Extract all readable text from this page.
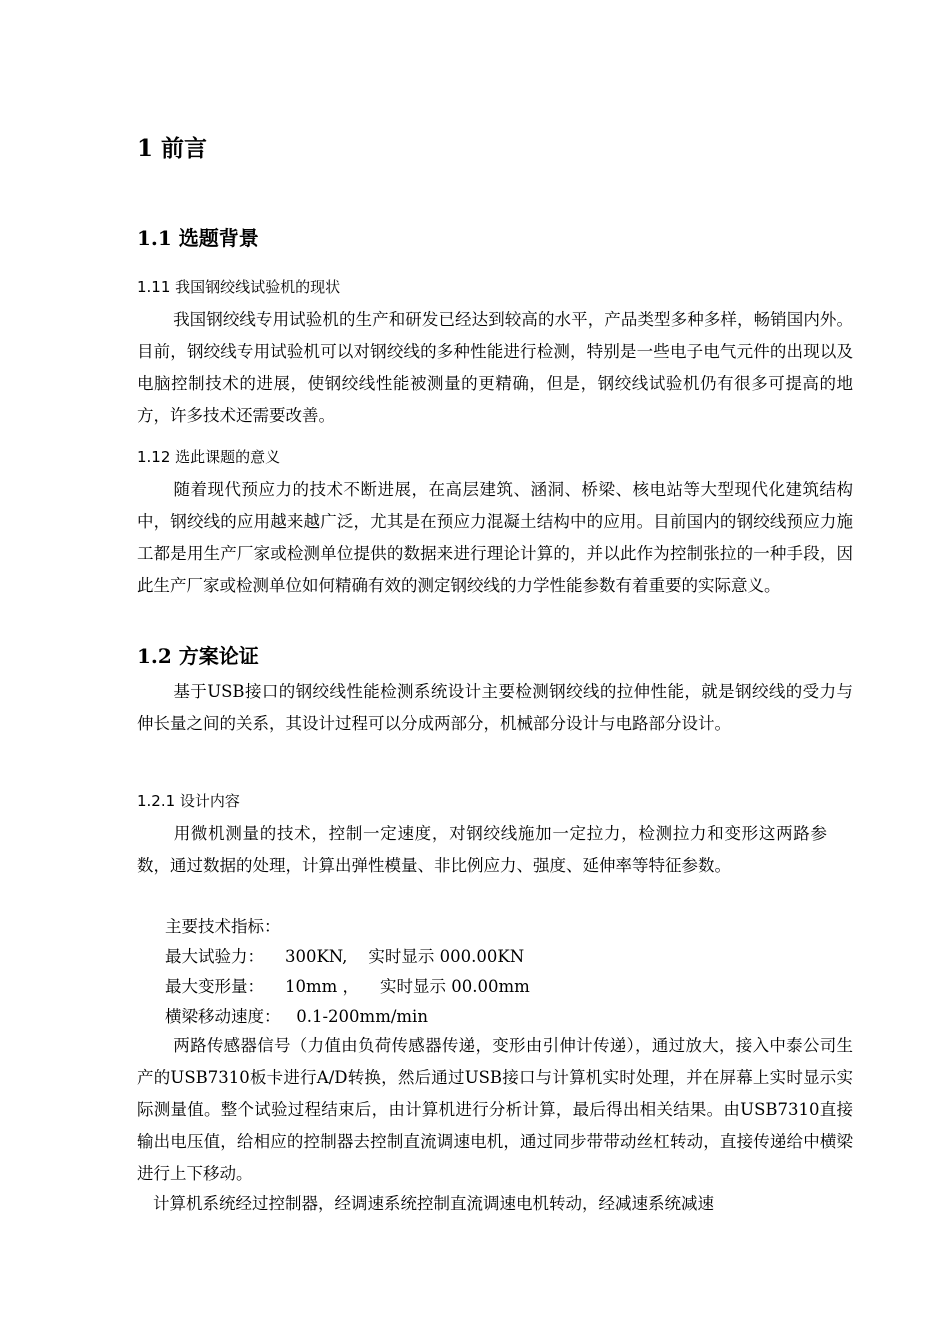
1 前言
1.1 选题背景
1.11 我国钢绞线试验机的现状
我国钢绞线专用试验机的生产和研发已经达到较高的水平，产品类型多种多样，畅销国内外。目前，钢绞线专用试验机可以对钢绞线的多种性能进行检测，特别是一些电子电气元件的出现以及电脑控制技术的进展，使钢绞线性能被测量的更精确，但是，钢绞线试验机仍有很多可提高的地方，许多技术还需要改善。
1.12 选此课题的意义
随着现代预应力的技术不断进展，在高层建筑、涵洞、桥梁、核电站等大型现代化建筑结构中，钢绞线的应用越来越广泛，尤其是在预应力混凝土结构中的应用。目前国内的钢绞线预应力施工都是用生产厂家或检测单位提供的数据来进行理论计算的，并以此作为控制张拉的一种手段，因此生产厂家或检测单位如何精确有效的测定钢绞线的力学性能参数有着重要的实际意义。
1.2 方案论证
基于USB接口的钢绞线性能检测系统设计主要检测钢绞线的拉伸性能，就是钢绞线的受力与伸长量之间的关系，其设计过程可以分成两部分，机械部分设计与电路部分设计。
1.2.1 设计内容
用微机测量的技术，控制一定速度，对钢绞线施加一定拉力，检测拉力和变形这两路参数，通过数据的处理，计算出弹性模量、非比例应力、强度、延伸率等特征参数。
主要技术指标：
最大试验力：    300KN,    实时显示 000.00KN
最大变形量：    10mm ，    实时显示 00.00mm
横梁移动速度：   0.1-200mm/min
两路传感器信号（力值由负荷传感器传递，变形由引伸计传递），通过放大，接入中泰公司生产的USB7310板卡进行A/D转换，然后通过USB接口与计算机实时处理，并在屏幕上实时显示实际测量值。整个试验过程结束后，由计算机进行分析计算，最后得出相关结果。由USB7310直接输出电压值，给相应的控制器去控制直流调速电机，通过同步带带动丝杠转动，直接传递给中横梁进行上下移动。
计算机系统经过控制器，经调速系统控制直流调速电机转动，经减速系统减速
